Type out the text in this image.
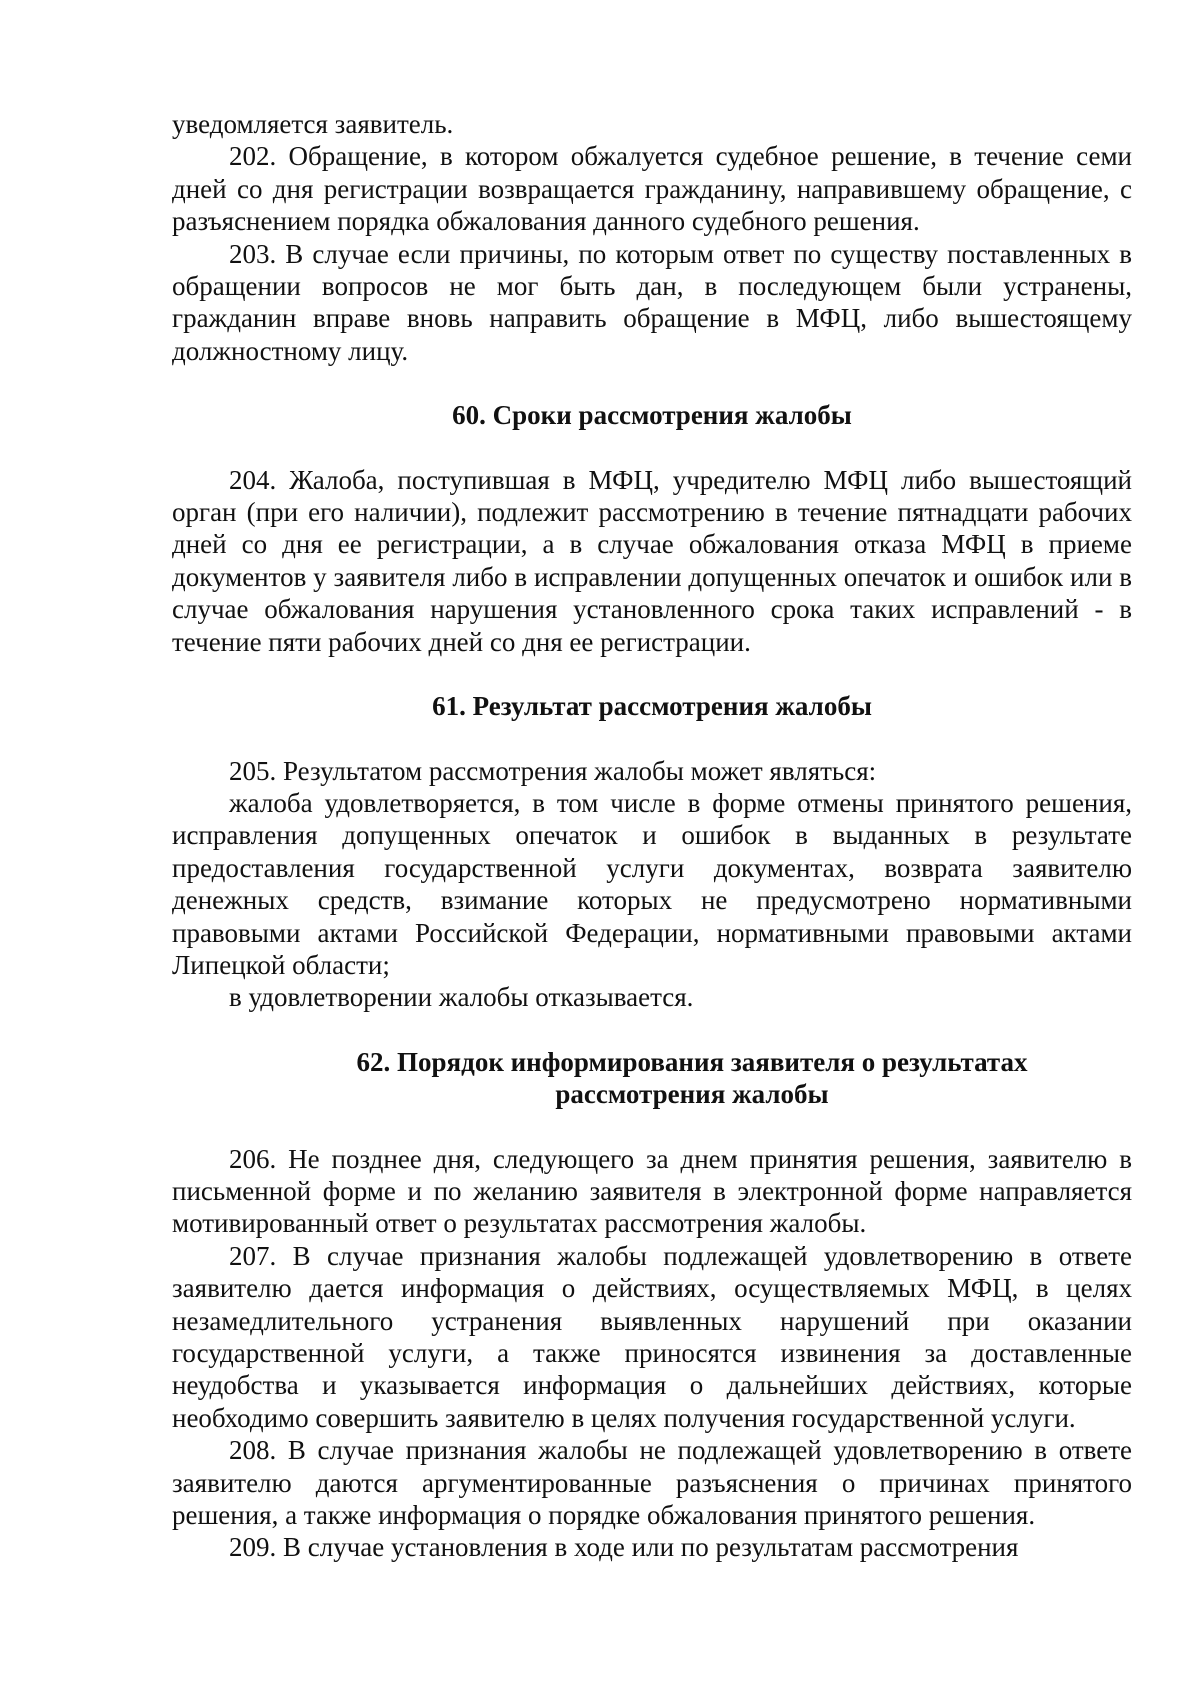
уведомляется заявитель.

202. Обращение, в котором обжалуется судебное решение, в течение семи дней со дня регистрации возвращается гражданину, направившему обращение, с разъяснением порядка обжалования данного судебного решения.

203. В случае если причины, по которым ответ по существу поставленных в обращении вопросов не мог быть дан, в последующем были устранены, гражданин вправе вновь направить обращение в МФЦ, либо вышестоящему должностному лицу.

60. Сроки рассмотрения жалобы

204. Жалоба, поступившая в МФЦ, учредителю МФЦ либо вышестоящий орган (при его наличии), подлежит рассмотрению в течение пятнадцати рабочих дней со дня ее регистрации, а в случае обжалования отказа МФЦ в приеме документов у заявителя либо в исправлении допущенных опечаток и ошибок или в случае обжалования нарушения установленного срока таких исправлений - в течение пяти рабочих дней со дня ее регистрации.

61. Результат рассмотрения жалобы

205. Результатом рассмотрения жалобы может являться:

жалоба удовлетворяется, в том числе в форме отмены принятого решения, исправления допущенных опечаток и ошибок в выданных в результате предоставления государственной услуги документах, возврата заявителю денежных средств, взимание которых не предусмотрено нормативными правовыми актами Российской Федерации, нормативными правовыми актами Липецкой области;

в удовлетворении жалобы отказывается.

62. Порядок информирования заявителя о результатах
рассмотрения жалобы

206. Не позднее дня, следующего за днем принятия решения, заявителю в письменной форме и по желанию заявителя в электронной форме направляется мотивированный ответ о результатах рассмотрения жалобы.

207. В случае признания жалобы подлежащей удовлетворению в ответе заявителю дается информация о действиях, осуществляемых МФЦ, в целях незамедлительного устранения выявленных нарушений при оказании государственной услуги, а также приносятся извинения за доставленные неудобства и указывается информация о дальнейших действиях, которые необходимо совершить заявителю в целях получения государственной услуги.

208. В случае признания жалобы не подлежащей удовлетворению в ответе заявителю даются аргументированные разъяснения о причинах принятого решения, а также информация о порядке обжалования принятого решения.

209. В случае установления в ходе или по результатам рассмотрения
